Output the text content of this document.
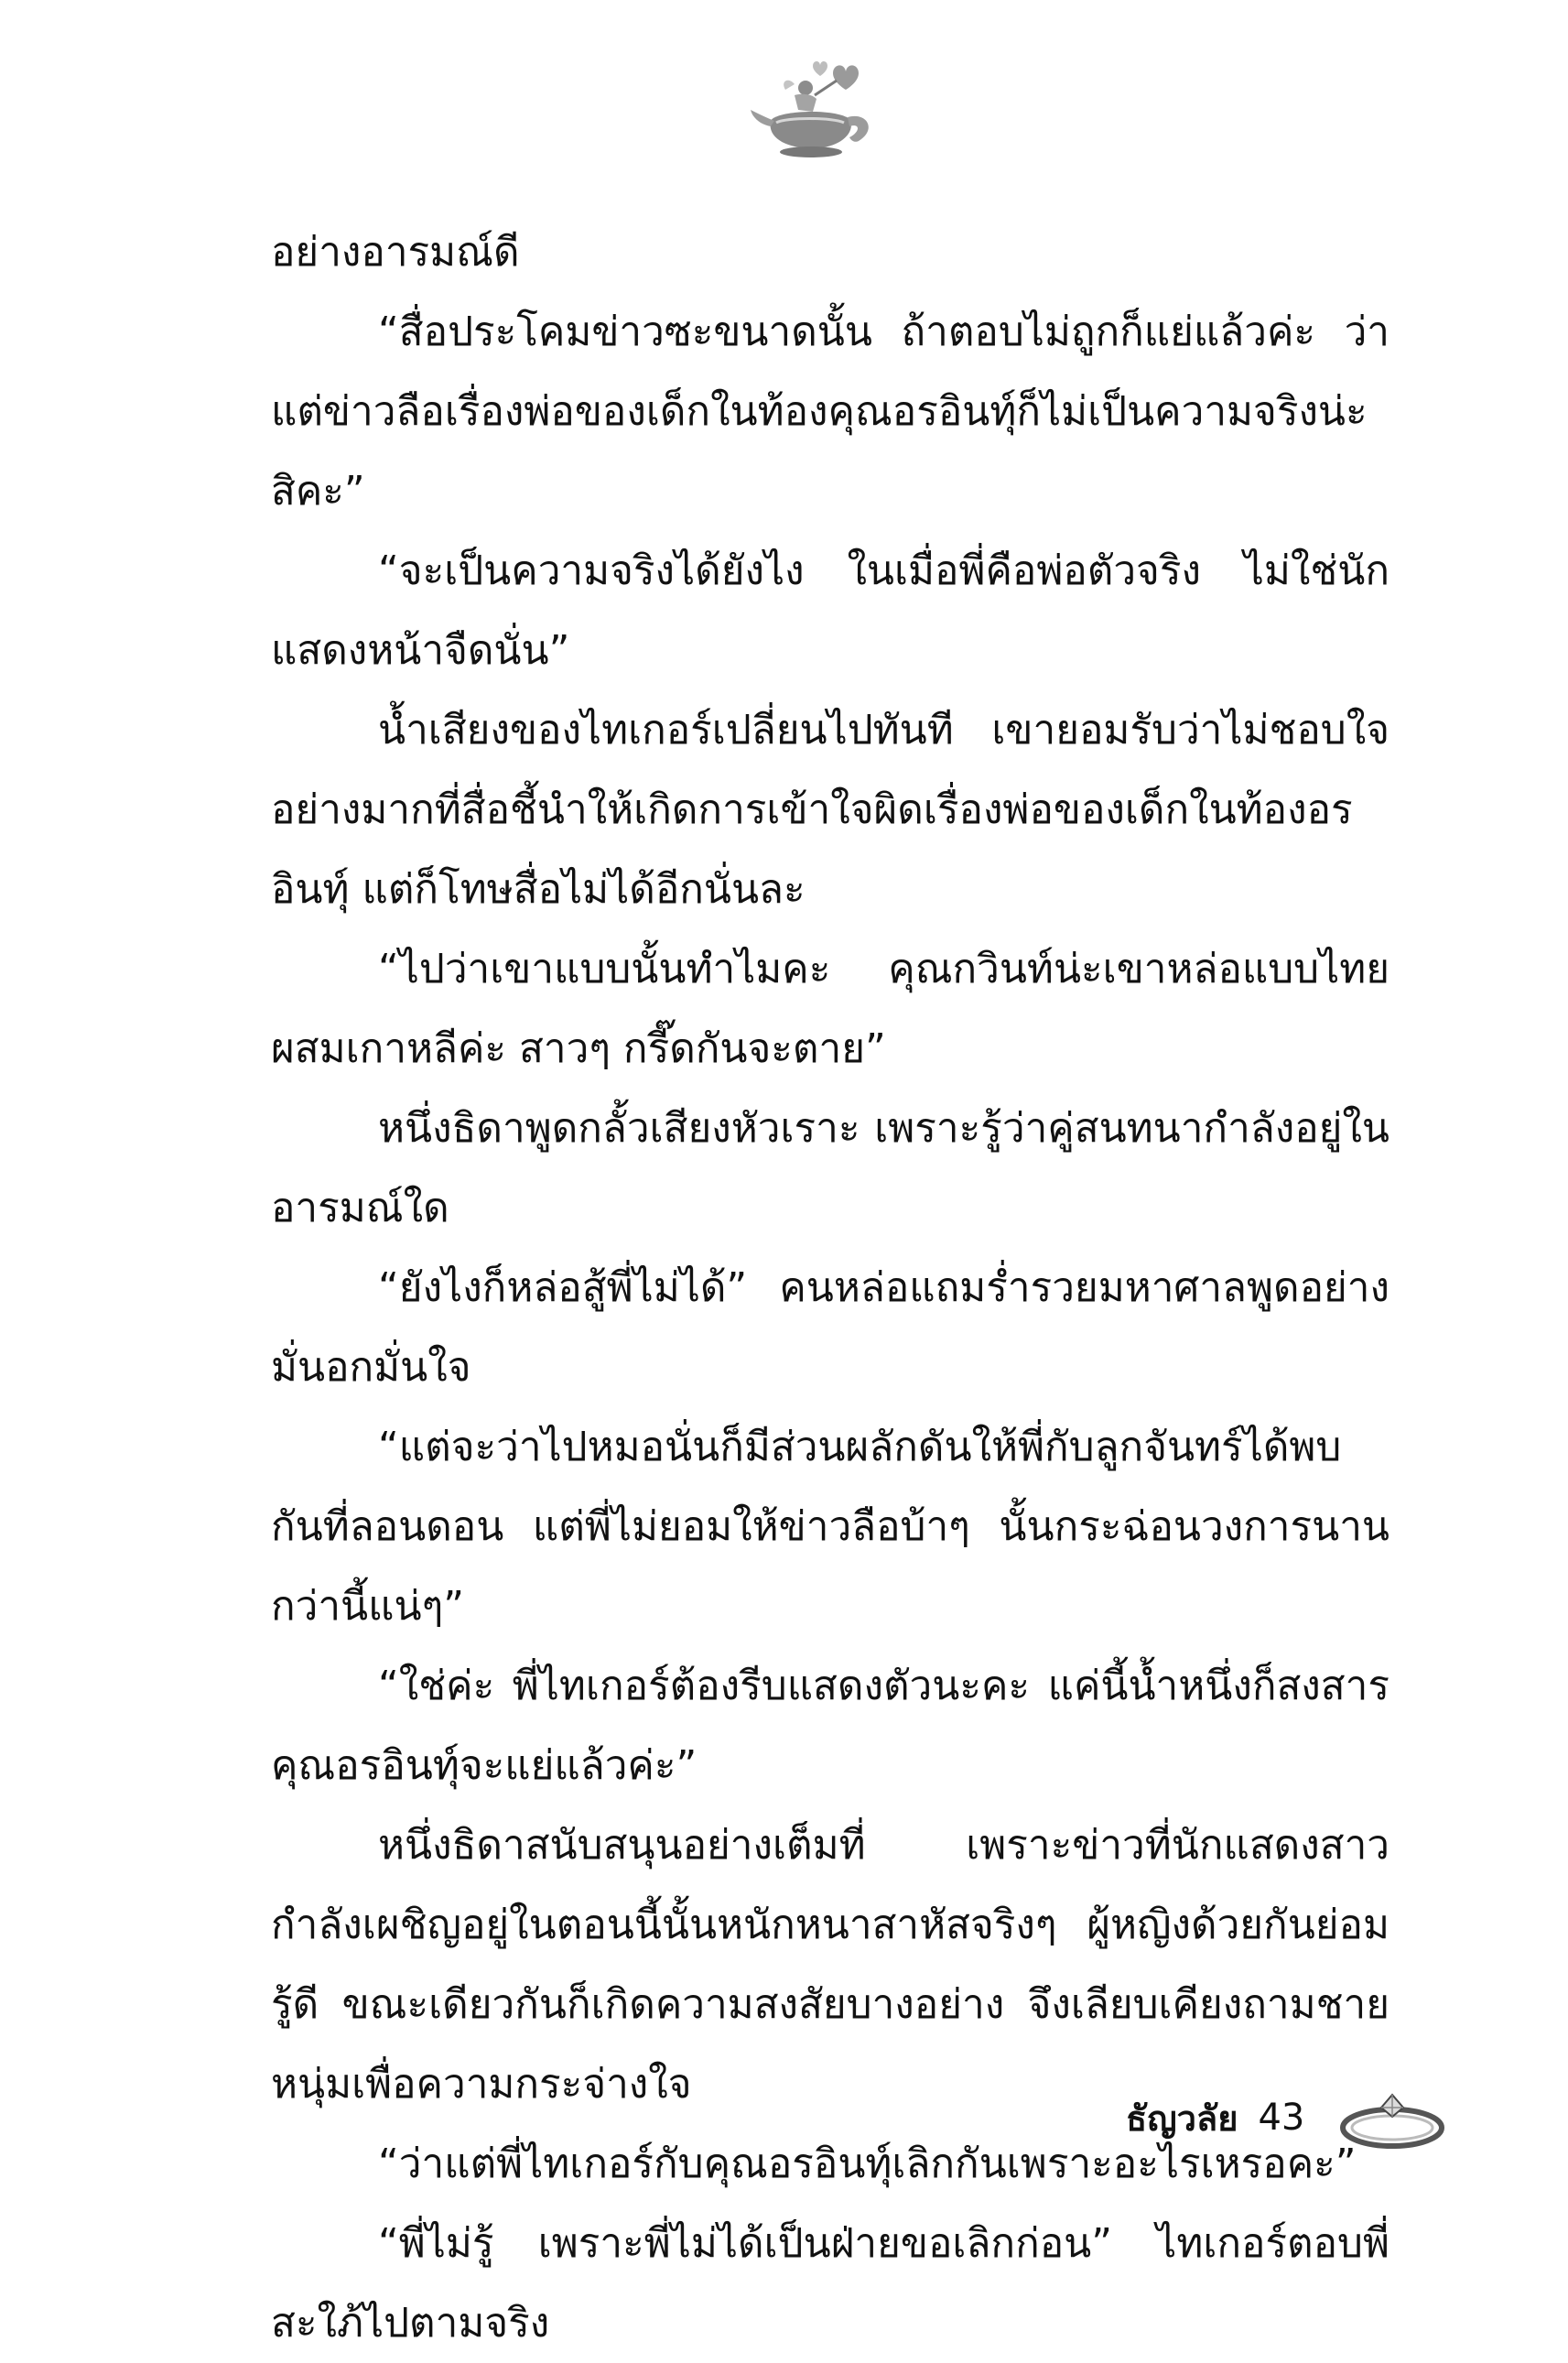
อย่างอารมณ์ดี

“สื่อประโคมข่าวซะขนาดนั้น ถ้าตอบไม่ถูกก็แย่แล้วค่ะ ว่าแต่ข่าวลือเรื่องพ่อของเด็กในท้องคุณอรอินทุ์ก็ไม่เป็นความจริงน่ะสิคะ”

“จะเป็นความจริงได้ยังไง ในเมื่อพี่คือพ่อตัวจริง ไม่ใช่นักแสดงหน้าจืดนั่น”

น้ำเสียงของไทเกอร์เปลี่ยนไปทันที เขายอมรับว่าไม่ชอบใจอย่างมากที่สื่อชี้นำให้เกิดการเข้าใจผิดเรื่องพ่อของเด็กในท้องอรอินทุ์ แต่ก็โทษสื่อไม่ได้อีกนั่นละ

“ไปว่าเขาแบบนั้นทำไมคะ คุณกวินท์น่ะเขาหล่อแบบไทยผสมเกาหลีค่ะ สาวๆ กรี๊ดกันจะตาย”

หนึ่งธิดาพูดกลั้วเสียงหัวเราะ เพราะรู้ว่าคู่สนทนากำลังอยู่ในอารมณ์ใด

“ยังไงก็หล่อสู้พี่ไม่ได้” คนหล่อแถมร่ำรวยมหาศาลพูดอย่างมั่นอกมั่นใจ

“แต่จะว่าไปหมอนั่นก็มีส่วนผลักดันให้พี่กับลูกจันทร์ได้พบกันที่ลอนดอน แต่พี่ไม่ยอมให้ข่าวลือบ้าๆ นั้นกระฉ่อนวงการนานกว่านี้แน่ๆ”

“ใช่ค่ะ พี่ไทเกอร์ต้องรีบแสดงตัวนะคะ แค่นี้น้ำหนึ่งก็สงสารคุณอรอินทุ์จะแย่แล้วค่ะ”

หนึ่งธิดาสนับสนุนอย่างเต็มที่ เพราะข่าวที่นักแสดงสาวกำลังเผชิญอยู่ในตอนนี้นั้นหนักหนาสาหัสจริงๆ ผู้หญิงด้วยกันย่อมรู้ดี ขณะเดียวกันก็เกิดความสงสัยบางอย่าง จึงเลียบเคียงถามชายหนุ่มเพื่อความกระจ่างใจ

“ว่าแต่พี่ไทเกอร์กับคุณอรอินทุ์เลิกกันเพราะอะไรเหรอคะ”

“พี่ไม่รู้ เพราะพี่ไม่ได้เป็นฝ่ายขอเลิกก่อน” ไทเกอร์ตอบพี่สะใภ้ไปตามจริง

ธัญวลัย 43
